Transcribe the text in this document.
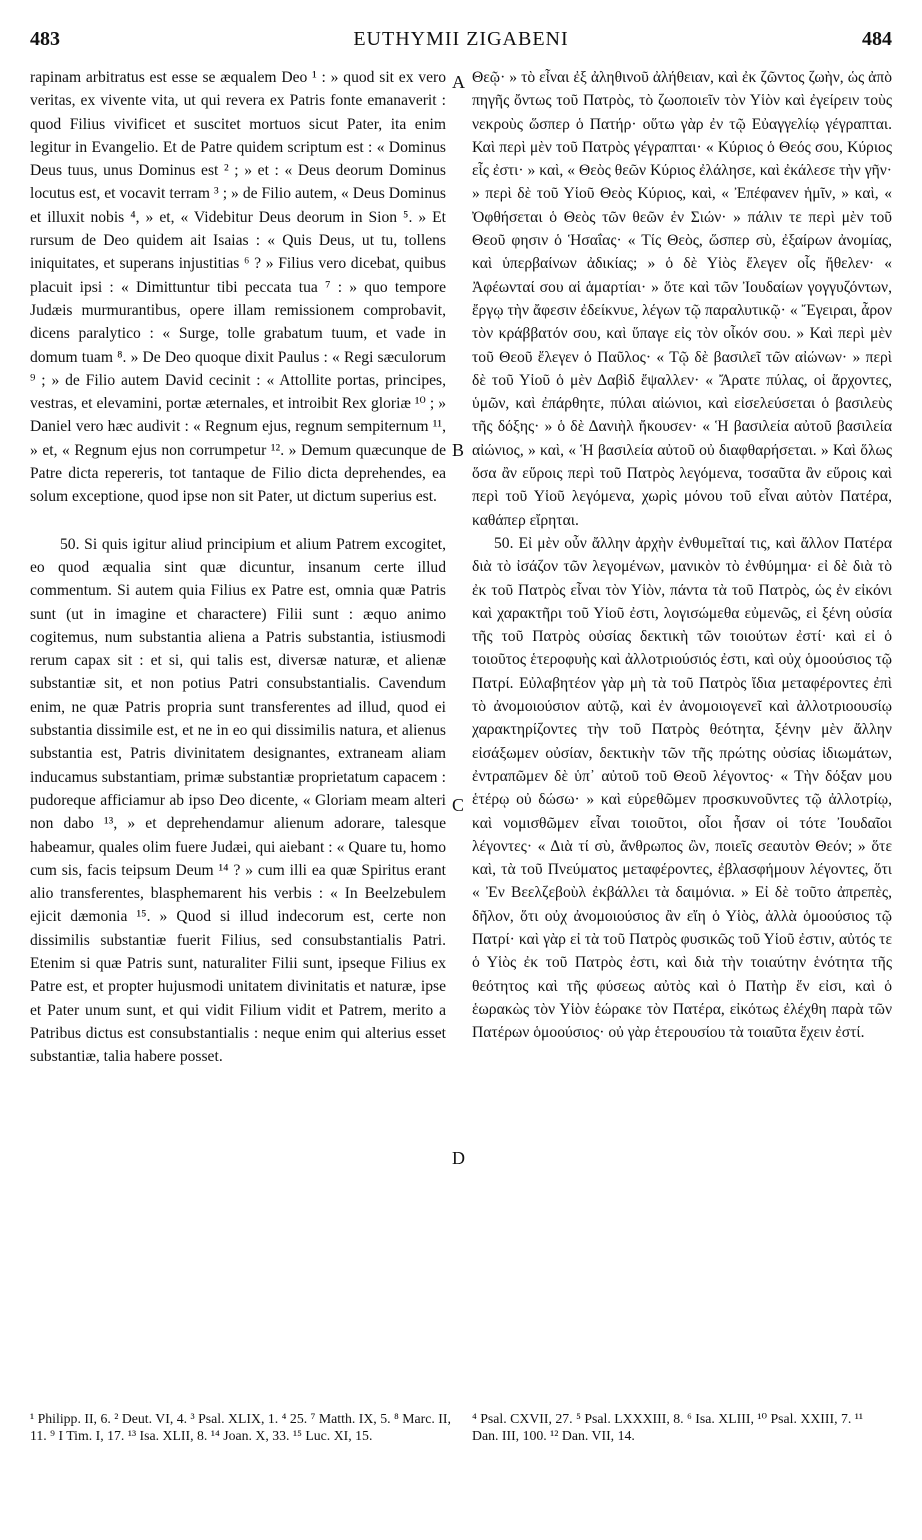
483	EUTHYMII ZIGABENI	484

rapinam arbitratus est esse se æqualem Deo ¹ : » quod sit ex vero veritas, ex vivente vita, ut qui revera ex Patris fonte emanaverit : quod Filius vivificet et suscitet mortuos sicut Pater, ita enim legitur in Evangelio. Et de Patre quidem scriptum est : « Dominus Deus tuus, unus Dominus est ² ; » et : « Deus deorum Dominus locutus est, et vocavit terram ³ ; » de Filio autem, « Deus Dominus et illuxit nobis ⁴, » et, « Videbitur Deus deorum in Sion ⁵. » Et rursum de Deo quidem ait Isaias : « Quis Deus, ut tu, tollens iniquitates, et superans injustitias ⁶ ? » Filius vero dicebat, quibus placuit ipsi : « Dimittuntur tibi peccata tua ⁷ : » quo tempore Judæis murmurantibus, opere illam remissionem comprobavit, dicens paralytico : « Surge, tolle grabatum tuum, et vade in domum tuam ⁸. » De Deo quoque dixit Paulus : « Regi sæculorum ⁹ ; » de Filio autem David cecinit : « Attollite portas, principes, vestras, et elevamini, portæ æternales, et introibit Rex gloriæ ¹⁰ ; » Daniel vero hæc audivit : « Regnum ejus, regnum sempiternum ¹¹, » et, « Regnum ejus non corrumpetur ¹². » Demum quæcunque de Patre dicta repereris, tot tantaque de Filio dicta deprehendes, ea solum exceptione, quod ipse non sit Pater, ut dictum superius est.

50. Si quis igitur aliud principium et alium Patrem excogitet, eo quod æqualia sint quæ dicuntur, insanum certe illud commentum. Si autem quia Filius ex Patre est, omnia quæ Patris sunt (ut in imagine et charactere) Filii sunt : æquo animo cogitemus, num substantia aliena a Patris substantia, istiusmodi rerum capax sit : et si, qui talis est, diversæ naturæ, et alienæ substantiæ sit, et non potius Patri consubstantialis. Cavendum enim, ne quæ Patris propria sunt transferentes ad illud, quod ei substantia dissimile est, et ne in eo qui dissimilis natura, et alienus substantia est, Patris divinitatem designantes, extraneam aliam inducamus substantiam, primæ substantiæ proprietatum capacem : pudoreque afficiamur ab ipso Deo dicente, « Gloriam meam alteri non dabo ¹³, » et deprehendamur alienum adorare, talesque habeamur, quales olim fuere Judæi, qui aiebant : « Quare tu, homo cum sis, facis teipsum Deum ¹⁴ ? » cum illi ea quæ Spiritus erant alio transferentes, blasphemarent his verbis : « In Beelzebulem ejicit dæmonia ¹⁵. » Quod si illud indecorum est, certe non dissimilis substantiæ fuerit Filius, sed consubstantialis Patri. Etenim si quæ Patris sunt, naturaliter Filii sunt, ipseque Filius ex Patre est, et propter hujusmodi unitatem divinitatis et naturæ, ipse et Pater unum sunt, et qui vidit Filium vidit et Patrem, merito a Patribus dictus est consubstantialis : neque enim qui alterius esset substantiæ, talia habere posset.

A
B
C
D

Θεῷ· » τὸ εἶναι ἐξ ἀληθινοῦ ἀλήθειαν, καὶ ἐκ ζῶντος ζωὴν, ὡς ἀπὸ πηγῆς ὄντως τοῦ Πατρὸς, τὸ ζωοποιεῖν τὸν Υἱὸν καὶ ἐγείρειν τοὺς νεκροὺς ὥσπερ ὁ Πατήρ· οὕτω γὰρ ἐν τῷ Εὐαγγελίῳ γέγραπται. Καὶ περὶ μὲν τοῦ Πατρὸς γέγραπται· « Κύριος ὁ Θεός σου, Κύριος εἷς ἐστι· » καὶ, « Θεὸς θεῶν Κύριος ἐλάλησε, καὶ ἐκάλεσε τὴν γῆν· » περὶ δὲ τοῦ Υἱοῦ Θεὸς Κύριος, καὶ, « Ἐπέφανεν ἡμῖν, » καὶ, « Ὀφθήσεται ὁ Θεὸς τῶν θεῶν ἐν Σιών· » πάλιν τε περὶ μὲν τοῦ Θεοῦ φησιν ὁ Ἡσαΐας· « Τίς Θεὸς, ὥσπερ σὺ, ἐξαίρων ἀνομίας, καὶ ὑπερβαίνων ἀδικίας; » ὁ δὲ Υἱὸς ἔλεγεν οἷς ἤθελεν· « Ἀφέωνταί σου αἱ ἁμαρτίαι· » ὅτε καὶ τῶν Ἰουδαίων γογγυζόντων, ἔργῳ τὴν ἄφεσιν ἐδείκνυε, λέγων τῷ παραλυτικῷ· « Ἔγειραι, ἆρον τὸν κράββατόν σου, καὶ ὕπαγε εἰς τὸν οἶκόν σου. » Καὶ περὶ μὲν τοῦ Θεοῦ ἔλεγεν ὁ Παῦλος· « Τῷ δὲ βασιλεῖ τῶν αἰώνων· » περὶ δὲ τοῦ Υἱοῦ ὁ μὲν Δαβὶδ ἔψαλλεν· « Ἄρατε πύλας, οἱ ἄρχοντες, ὑμῶν, καὶ ἐπάρθητε, πύλαι αἰώνιοι, καὶ εἰσελεύσεται ὁ βασιλεὺς τῆς δόξης· » ὁ δὲ Δανιὴλ ἤκουσεν· « Ἡ βασιλεία αὐτοῦ βασιλεία αἰώνιος, » καὶ, « Ἡ βασιλεία αὐτοῦ οὐ διαφθαρήσεται. » Καὶ ὅλως ὅσα ἂν εὕροις περὶ τοῦ Πατρὸς λεγόμενα, τοσαῦτα ἂν εὕροις καὶ περὶ τοῦ Υἱοῦ λεγόμενα, χωρὶς μόνου τοῦ εἶναι αὐτὸν Πατέρα, καθάπερ εἴρηται.

50. Εἰ μὲν οὖν ἄλλην ἀρχὴν ἐνθυμεῖταί τις, καὶ ἄλλον Πατέρα διὰ τὸ ἰσάζον τῶν λεγομένων, μανικὸν τὸ ἐνθύμημα· εἰ δὲ διὰ τὸ ἐκ τοῦ Πατρὸς εἶναι τὸν Υἱὸν, πάντα τὰ τοῦ Πατρὸς, ὡς ἐν εἰκόνι καὶ χαρακτῆρι τοῦ Υἱοῦ ἐστι, λογισώμεθα εὐμενῶς, εἰ ξένη οὐσία τῆς τοῦ Πατρὸς οὐσίας δεκτικὴ τῶν τοιούτων ἐστί· καὶ εἰ ὁ τοιοῦτος ἑτεροφυὴς καὶ ἀλλοτριούσιός ἐστι, καὶ οὐχ ὁμοούσιος τῷ Πατρί. Εὐλαβητέον γὰρ μὴ τὰ τοῦ Πατρὸς ἴδια μεταφέροντες ἐπὶ τὸ ἀνομοιούσιον αὐτῷ, καὶ ἐν ἀνομοιογενεῖ καὶ ἀλλοτριοουσίῳ χαρακτηρίζοντες τὴν τοῦ Πατρὸς θεότητα, ξένην μὲν ἄλλην εἰσάξωμεν οὐσίαν, δεκτικὴν τῶν τῆς πρώτης οὐσίας ἰδιωμάτων, ἐντραπῶμεν δὲ ὑπ᾽ αὐτοῦ τοῦ Θεοῦ λέγοντος· « Τὴν δόξαν μου ἑτέρῳ οὐ δώσω· » καὶ εὑρεθῶμεν προσκυνοῦντες τῷ ἀλλοτρίῳ, καὶ νομισθῶμεν εἶναι τοιοῦτοι, οἷοι ἦσαν οἱ τότε Ἰουδαῖοι λέγοντες· « Διὰ τί σὺ, ἄνθρωπος ὢν, ποιεῖς σεαυτὸν Θεόν; » ὅτε καὶ, τὰ τοῦ Πνεύματος μεταφέροντες, ἐβλασφήμουν λέγοντες, ὅτι « Ἐν Βεελζεβοὺλ ἐκβάλλει τὰ δαιμόνια. » Εἰ δὲ τοῦτο ἀπρεπὲς, δῆλον, ὅτι οὐχ ἀνομοιούσιος ἂν εἴη ὁ Υἱὸς, ἀλλὰ ὁμοούσιος τῷ Πατρί· καὶ γὰρ εἰ τὰ τοῦ Πατρὸς φυσικῶς τοῦ Υἱοῦ ἐστιν, αὐτός τε ὁ Υἱὸς ἐκ τοῦ Πατρὸς ἐστι, καὶ διὰ τὴν τοιαύτην ἑνότητα τῆς θεότητος καὶ τῆς φύσεως αὐτὸς καὶ ὁ Πατὴρ ἕν εἰσι, καὶ ὁ ἑωρακὼς τὸν Υἱὸν ἑώρακε τὸν Πατέρα, εἰκότως ἐλέχθη παρὰ τῶν Πατέρων ὁμοούσιος· οὐ γὰρ ἑτερουσίου τὰ τοιαῦτα ἔχειν ἐστί.

¹ Philipp. II, 6. ² Deut. VI, 4. ³ Psal. XLIX, 1. ⁴ 25. ⁷ Matth. IX, 5. ⁸ Marc. II, 11. ⁹ I Tim. I, 17. ¹³ Isa. XLII, 8. ¹⁴ Joan. X, 33. ¹⁵ Luc. XI, 15.
⁴ Psal. CXVII, 27. ⁵ Psal. LXXXIII, 8. ⁶ Isa. XLIII, ¹⁰ Psal. XXIII, 7. ¹¹ Dan. III, 100. ¹² Dan. VII, 14.
